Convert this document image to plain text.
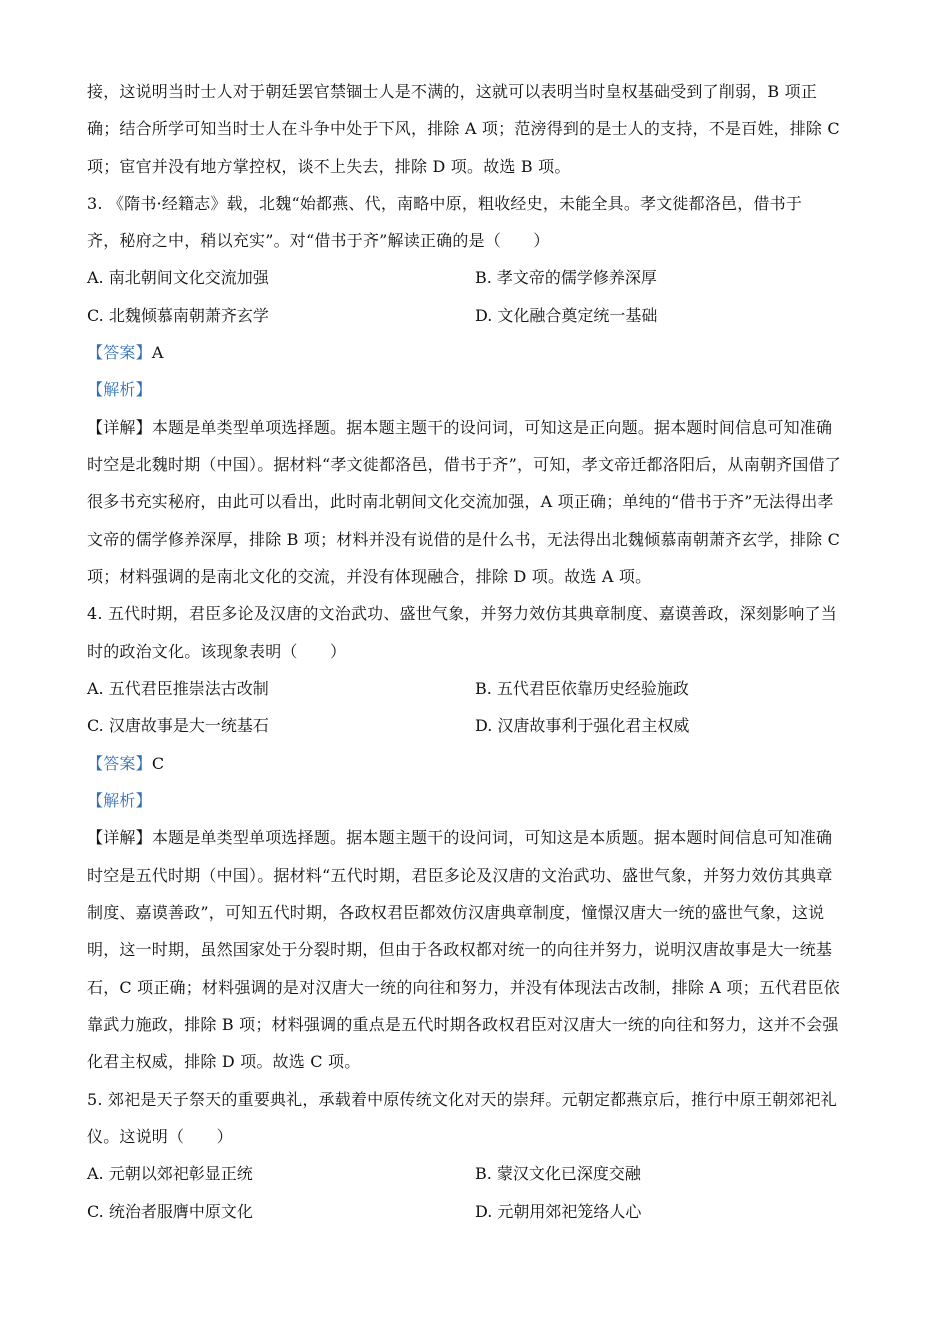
接，这说明当时士人对于朝廷罢官禁锢士人是不满的，这就可以表明当时皇权基础受到了削弱，B 项正
确；结合所学可知当时士人在斗争中处于下风，排除 A 项；范滂得到的是士人的支持，不是百姓，排除 C
项；宦官并没有地方掌控权，谈不上失去，排除 D 项。故选 B 项。
3. 《隋书·经籍志》载，北魏“始都燕、代，南略中原，粗收经史，未能全具。孝文徙都洛邑，借书于
齐，秘府之中，稍以充实”。对“借书于齐”解读正确的是（　　）
A. 南北朝间文化交流加强	B. 孝文帝的儒学修养深厚
C. 北魏倾慕南朝萧齐玄学	D. 文化融合奠定统一基础
【答案】A
【解析】
【详解】本题是单类型单项选择题。据本题主题干的设问词，可知这是正向题。据本题时间信息可知准确
时空是北魏时期（中国）。据材料“孝文徙都洛邑，借书于齐”，可知，孝文帝迁都洛阳后，从南朝齐国借了
很多书充实秘府，由此可以看出，此时南北朝间文化交流加强，A 项正确；单纯的“借书于齐”无法得出孝
文帝的儒学修养深厚，排除 B 项；材料并没有说借的是什么书，无法得出北魏倾慕南朝萧齐玄学，排除 C
项；材料强调的是南北文化的交流，并没有体现融合，排除 D 项。故选 A 项。
4. 五代时期，君臣多论及汉唐的文治武功、盛世气象，并努力效仿其典章制度、嘉谟善政，深刻影响了当
时的政治文化。该现象表明（　　）
A. 五代君臣推崇法古改制	B. 五代君臣依靠历史经验施政
C. 汉唐故事是大一统基石	D. 汉唐故事利于强化君主权威
【答案】C
【解析】
【详解】本题是单类型单项选择题。据本题主题干的设问词，可知这是本质题。据本题时间信息可知准确
时空是五代时期（中国）。据材料“五代时期，君臣多论及汉唐的文治武功、盛世气象，并努力效仿其典章
制度、嘉谟善政”，可知五代时期，各政权君臣都效仿汉唐典章制度，憧憬汉唐大一统的盛世气象，这说
明，这一时期，虽然国家处于分裂时期，但由于各政权都对统一的向往并努力，说明汉唐故事是大一统基
石，C 项正确；材料强调的是对汉唐大一统的向往和努力，并没有体现法古改制，排除 A 项；五代君臣依
靠武力施政，排除 B 项；材料强调的重点是五代时期各政权君臣对汉唐大一统的向往和努力，这并不会强
化君主权威，排除 D 项。故选 C 项。
5. 郊祀是天子祭天的重要典礼，承载着中原传统文化对天的崇拜。元朝定都燕京后，推行中原王朝郊祀礼
仪。这说明（　　）
A. 元朝以郊祀彰显正统	B. 蒙汉文化已深度交融
C. 统治者服膺中原文化	D. 元朝用郊祀笼络人心
